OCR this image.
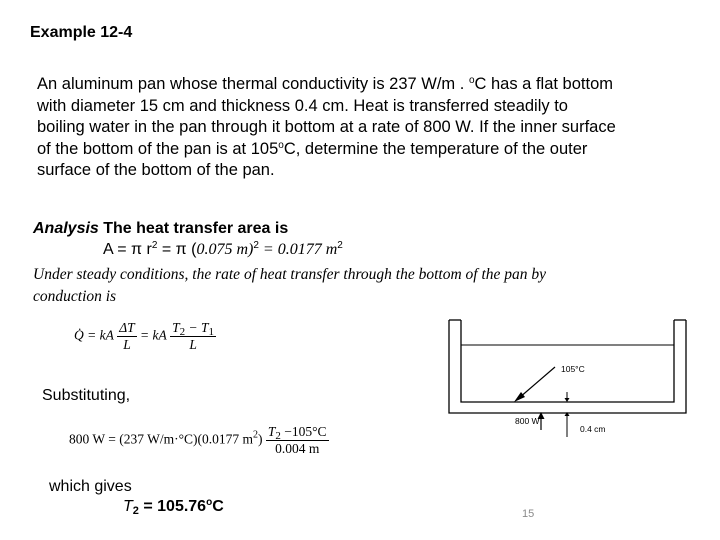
Example 12-4
An aluminum pan whose thermal conductivity is 237 W/m . $^o$C has a flat bottom
with diameter 15 cm and thickness 0.4 cm. Heat is transferred steadily to
boiling water in the pan through it bottom at a rate of 800 W. If the inner surface
of the bottom of the pan is at 105$^o$C, determine the temperature of the outer
surface of the bottom of the pan.
Analysis The heat transfer area is
A = π $r^2 = \pi$ (0.075 m)$^2$ = 0.0177 $m^2$
Under steady conditions, the rate of heat transfer through the bottom of the pan by
conduction is
Q̇ = kA $\frac{\Delta T}{L}$ = kA $\frac{T_2 - T_1}{L}$
Substituting,
800 W = (237 W/m·°C)(0.0177 $m^2) \frac{T_2 -105^\circ C}{0.004 m}$
which gives
$T_2 = 105.76^oC$
105°C
800 W
0.4 cm
15
